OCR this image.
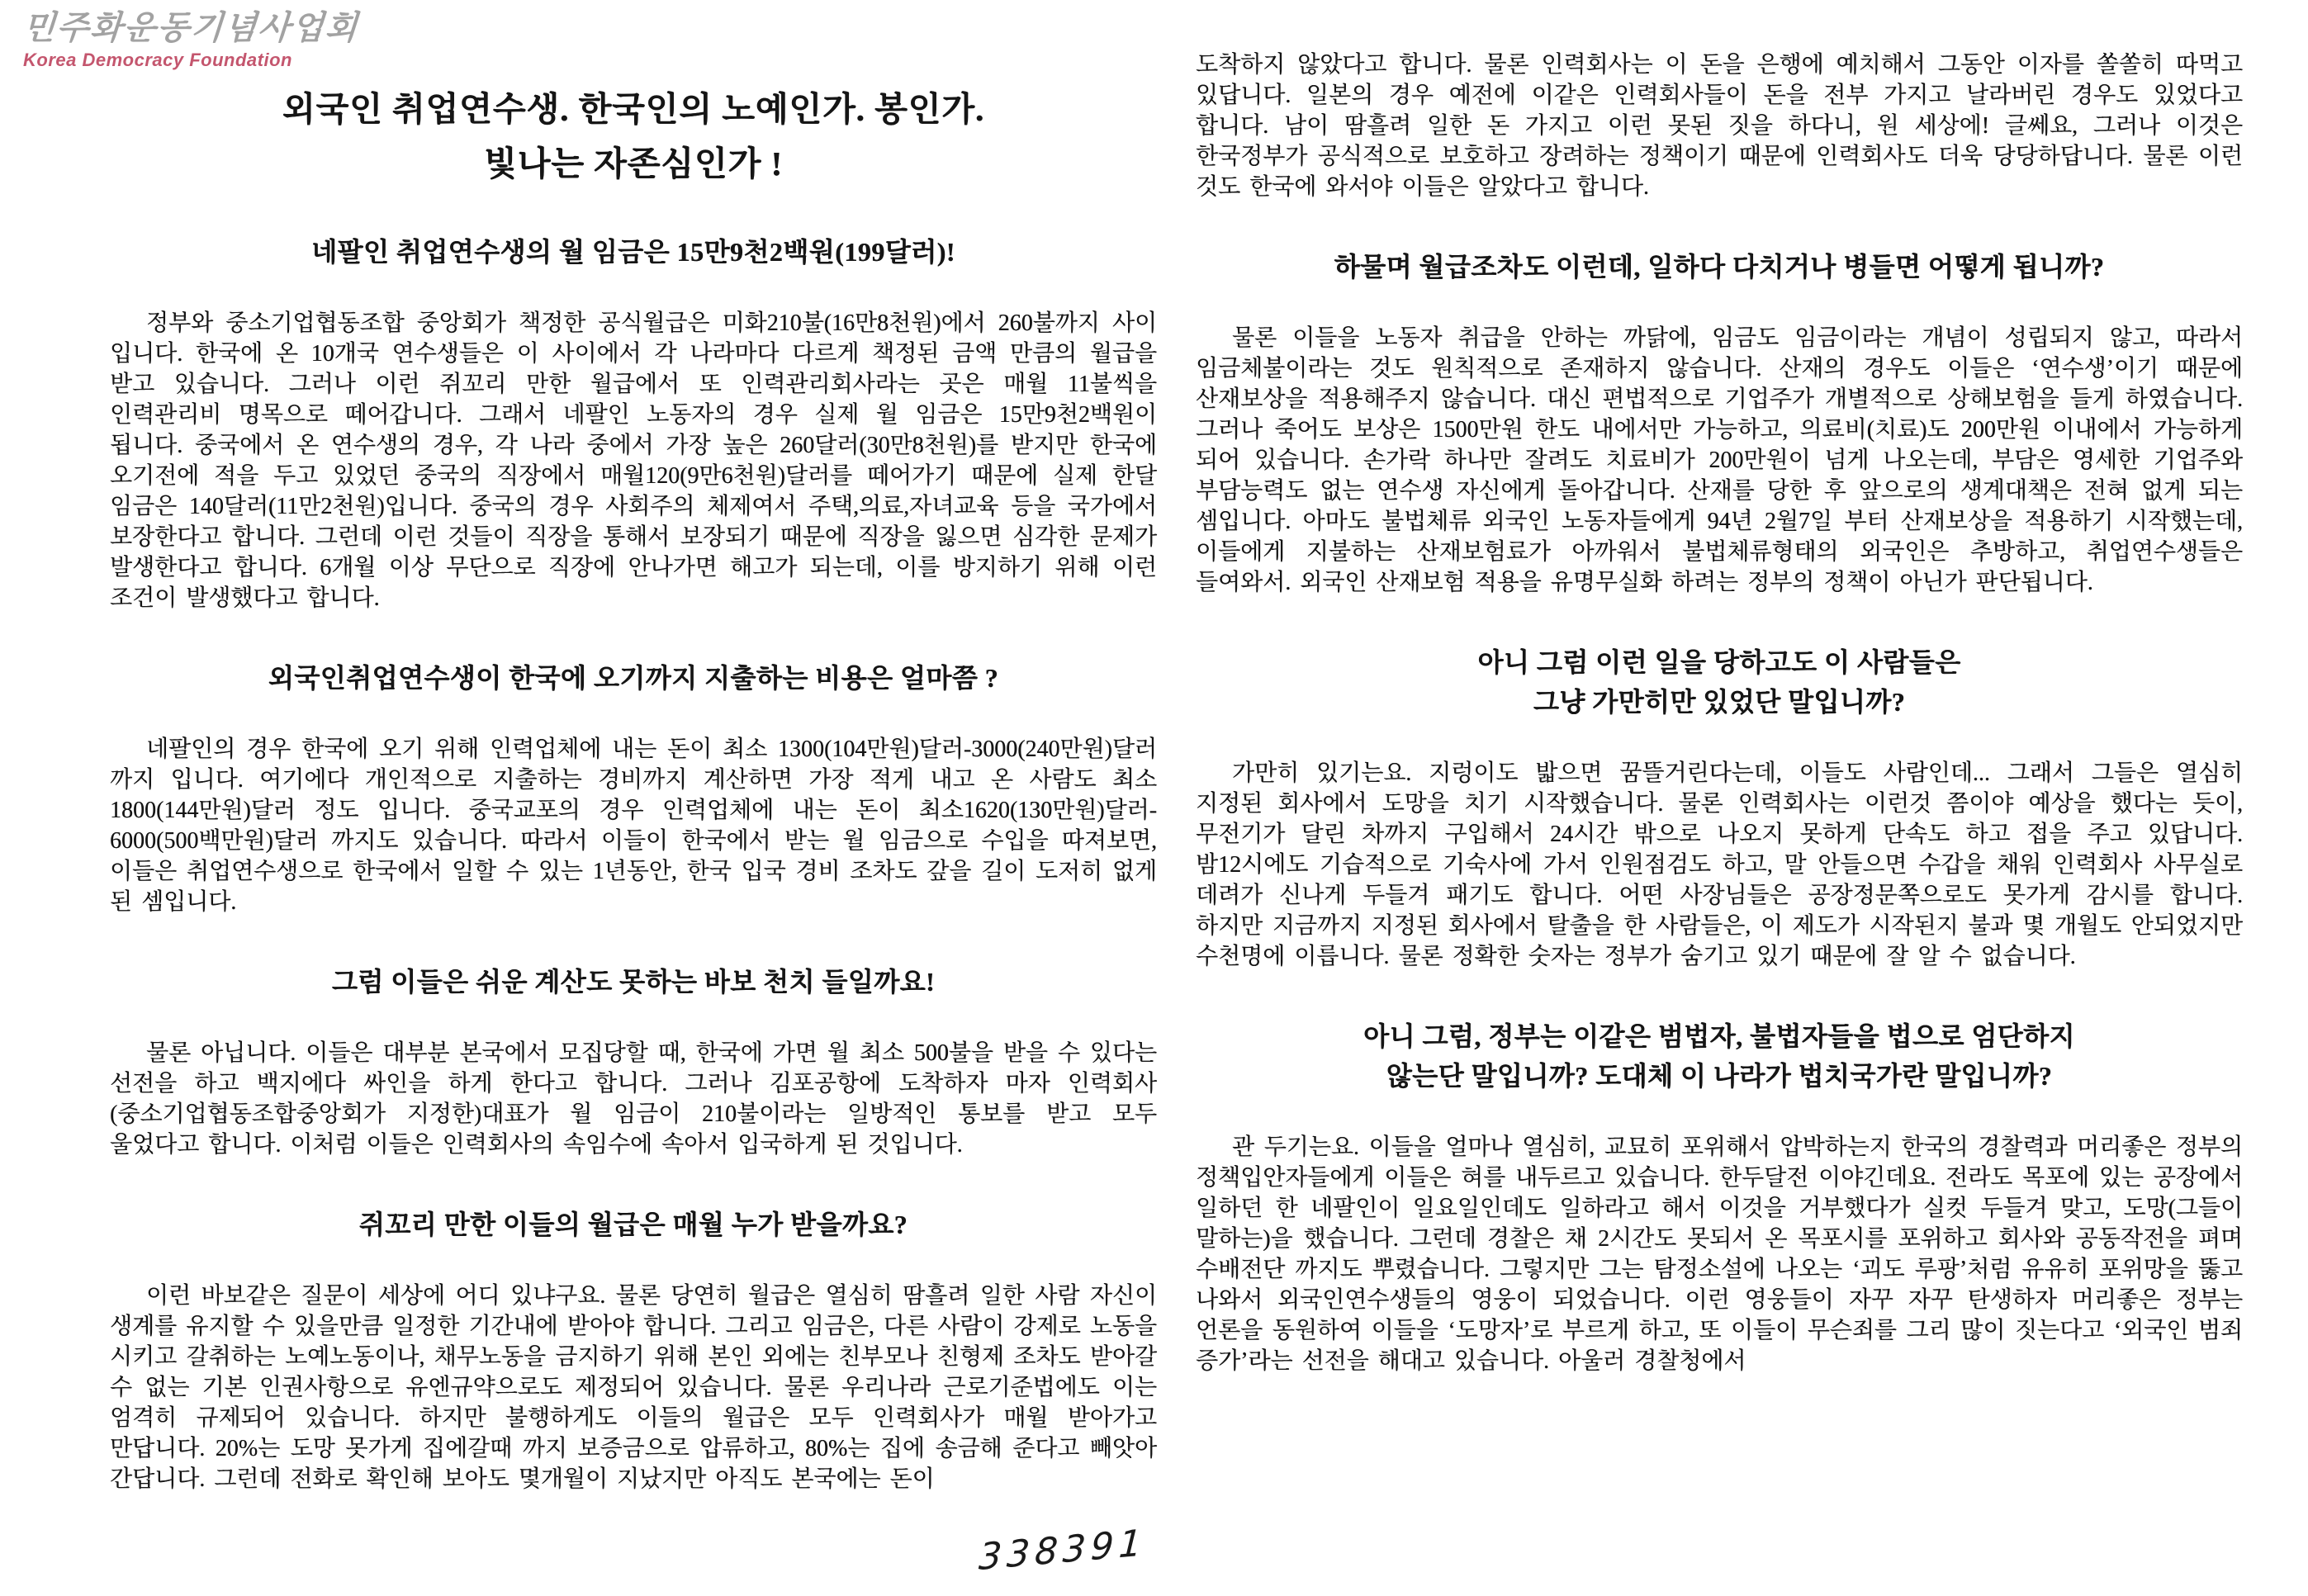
민주화운동기념사업회
Korea Democracy Foundation
외국인 취업연수생. 한국인의 노예인가. 봉인가.
빛나는 자존심인가 !
네팔인 취업연수생의 월 임금은 15만9천2백원(199달러)!

정부와 중소기업협동조합 중앙회가 책정한 공식월급은 미화210불(16만8천원)에서 260불까지 사이 입니다. 한국에 온 10개국 연수생들은 이 사이에서 각 나라마다 다르게 책정된 금액 만큼의 월급을 받고 있습니다. 그러나 이런 쥐꼬리 만한 월급에서 또 인력관리회사라는 곳은 매월 11불씩을 인력관리비 명목으로 떼어갑니다. 그래서 네팔인 노동자의 경우 실제 월 임금은 15만9천2백원이 됩니다. 중국에서 온 연수생의 경우, 각 나라 중에서 가장 높은 260달러(30만8천원)를 받지만 한국에 오기전에 적을 두고 있었던 중국의 직장에서 매월120(9만6천원)달러를 떼어가기 때문에 실제 한달 임금은 140달러(11만2천원)입니다. 중국의 경우 사회주의 체제여서 주택,의료,자녀교육 등을 국가에서 보장한다고 합니다. 그런데 이런 것들이 직장을 통해서 보장되기 때문에 직장을 잃으면 심각한 문제가 발생한다고 합니다. 6개월 이상 무단으로 직장에 안나가면 해고가 되는데, 이를 방지하기 위해 이런 조건이 발생했다고 합니다.

외국인취업연수생이 한국에 오기까지 지출하는 비용은 얼마쯤 ?

네팔인의 경우 한국에 오기 위해 인력업체에 내는 돈이 최소 1300(104만원)달러-3000(240만원)달러 까지 입니다. 여기에다 개인적으로 지출하는 경비까지 계산하면 가장 적게 내고 온 사람도 최소 1800(144만원)달러 정도 입니다. 중국교포의 경우 인력업체에 내는 돈이 최소1620(130만원)달러- 6000(500백만원)달러 까지도 있습니다. 따라서 이들이 한국에서 받는 월 임금으로 수입을 따져보면, 이들은 취업연수생으로 한국에서 일할 수 있는 1년동안, 한국 입국 경비 조차도 갚을 길이 도저히 없게 된 셈입니다.

그럼 이들은 쉬운 계산도 못하는 바보 천치 들일까요!

물론 아닙니다. 이들은 대부분 본국에서 모집당할 때, 한국에 가면 월 최소 500불을 받을 수 있다는 선전을 하고 백지에다 싸인을 하게 한다고 합니다. 그러나 김포공항에 도착하자 마자 인력회사(중소기업협동조합중앙회가 지정한)대표가 월 임금이 210불이라는 일방적인 통보를 받고 모두 울었다고 합니다. 이처럼 이들은 인력회사의 속임수에 속아서 입국하게 된 것입니다.

쥐꼬리 만한 이들의 월급은 매월 누가 받을까요?

이런 바보같은 질문이 세상에 어디 있냐구요. 물론 당연히 월급은 열심히 땀흘려 일한 사람 자신이 생계를 유지할 수 있을만큼 일정한 기간내에 받아야 합니다. 그리고 임금은, 다른 사람이 강제로 노동을 시키고 갈취하는 노예노동이나, 채무노동을 금지하기 위해 본인 외에는 친부모나 친형제 조차도 받아갈 수 없는 기본 인권사항으로 유엔규약으로도 제정되어 있습니다. 물론 우리나라 근로기준법에도 이는 엄격히 규제되어 있습니다. 하지만 불행하게도 이들의 월급은 모두 인력회사가 매월 받아가고 만답니다. 20%는 도망 못가게 집에갈때 까지 보증금으로 압류하고, 80%는 집에 송금해 준다고 빼앗아 간답니다. 그런데 전화로 확인해 보아도 몇개월이 지났지만 아직도 본국에는 돈이

도착하지 않았다고 합니다. 물론 인력회사는 이 돈을 은행에 예치해서 그동안 이자를 쏠쏠히 따먹고 있답니다. 일본의 경우 예전에 이같은 인력회사들이 돈을 전부 가지고 날라버린 경우도 있었다고 합니다. 남이 땀흘려 일한 돈 가지고 이런 못된 짓을 하다니, 원 세상에! 글쎄요, 그러나 이것은 한국정부가 공식적으로 보호하고 장려하는 정책이기 때문에 인력회사도 더욱 당당하답니다. 물론 이런 것도 한국에 와서야 이들은 알았다고 합니다.

하물며 월급조차도 이런데, 일하다 다치거나 병들면 어떻게 됩니까?

물론 이들을 노동자 취급을 안하는 까닭에, 임금도 임금이라는 개념이 성립되지 않고, 따라서 임금체불이라는 것도 원칙적으로 존재하지 않습니다. 산재의 경우도 이들은 ‘연수생’이기 때문에 산재보상을 적용해주지 않습니다. 대신 편법적으로 기업주가 개별적으로 상해보험을 들게 하였습니다. 그러나 죽어도 보상은 1500만원 한도 내에서만 가능하고, 의료비(치료)도 200만원 이내에서 가능하게 되어 있습니다. 손가락 하나만 잘려도 치료비가 200만원이 넘게 나오는데, 부담은 영세한 기업주와 부담능력도 없는 연수생 자신에게 돌아갑니다. 산재를 당한 후 앞으로의 생계대책은 전혀 없게 되는 셈입니다. 아마도 불법체류 외국인 노동자들에게 94년 2월7일 부터 산재보상을 적용하기 시작했는데, 이들에게 지불하는 산재보험료가 아까워서 불법체류형태의 외국인은 추방하고, 취업연수생들은 들여와서. 외국인 산재보험 적용을 유명무실화 하려는 정부의 정책이 아닌가 판단됩니다.

아니 그럼 이런 일을 당하고도 이 사람들은
그냥 가만히만 있었단 말입니까?

가만히 있기는요. 지렁이도 밟으면 꿈뜰거린다는데, 이들도 사람인데... 그래서 그들은 열심히 지정된 회사에서 도망을 치기 시작했습니다. 물론 인력회사는 이런것 쯤이야 예상을 했다는 듯이, 무전기가 달린 차까지 구입해서 24시간 밖으로 나오지 못하게 단속도 하고 접을 주고 있답니다. 밤12시에도 기습적으로 기숙사에 가서 인원점검도 하고, 말 안들으면 수갑을 채워 인력회사 사무실로 데려가 신나게 두들겨 패기도 합니다. 어떤 사장님들은 공장정문쪽으로도 못가게 감시를 합니다. 하지만 지금까지 지정된 회사에서 탈출을 한 사람들은, 이 제도가 시작된지 불과 몇 개월도 안되었지만 수천명에 이릅니다. 물론 정확한 숫자는 정부가 숨기고 있기 때문에 잘 알 수 없습니다.

아니 그럼, 정부는 이같은 범법자, 불법자들을 법으로 엄단하지
않는단 말입니까? 도대체 이 나라가 법치국가란 말입니까?

관 두기는요. 이들을 얼마나 열심히, 교묘히 포위해서 압박하는지 한국의 경찰력과 머리좋은 정부의 정책입안자들에게 이들은 혀를 내두르고 있습니다. 한두달전 이야긴데요. 전라도 목포에 있는 공장에서 일하던 한 네팔인이 일요일인데도 일하라고 해서 이것을 거부했다가 실컷 두들겨 맞고, 도망(그들이 말하는)을 했습니다. 그런데 경찰은 채 2시간도 못되서 온 목포시를 포위하고 회사와 공동작전을 펴며 수배전단 까지도 뿌렸습니다. 그렇지만 그는 탐정소설에 나오는 ‘괴도 루팡’처럼 유유히 포위망을 뚫고 나와서 외국인연수생들의 영웅이 되었습니다. 이런 영웅들이 자꾸 자꾸 탄생하자 머리좋은 정부는 언론을 동원하여 이들을 ‘도망자’로 부르게 하고, 또 이들이 무슨죄를 그리 많이 짓는다고 ‘외국인 범죄 증가’라는 선전을 해대고 있습니다. 아울러 경찰청에서

338391
